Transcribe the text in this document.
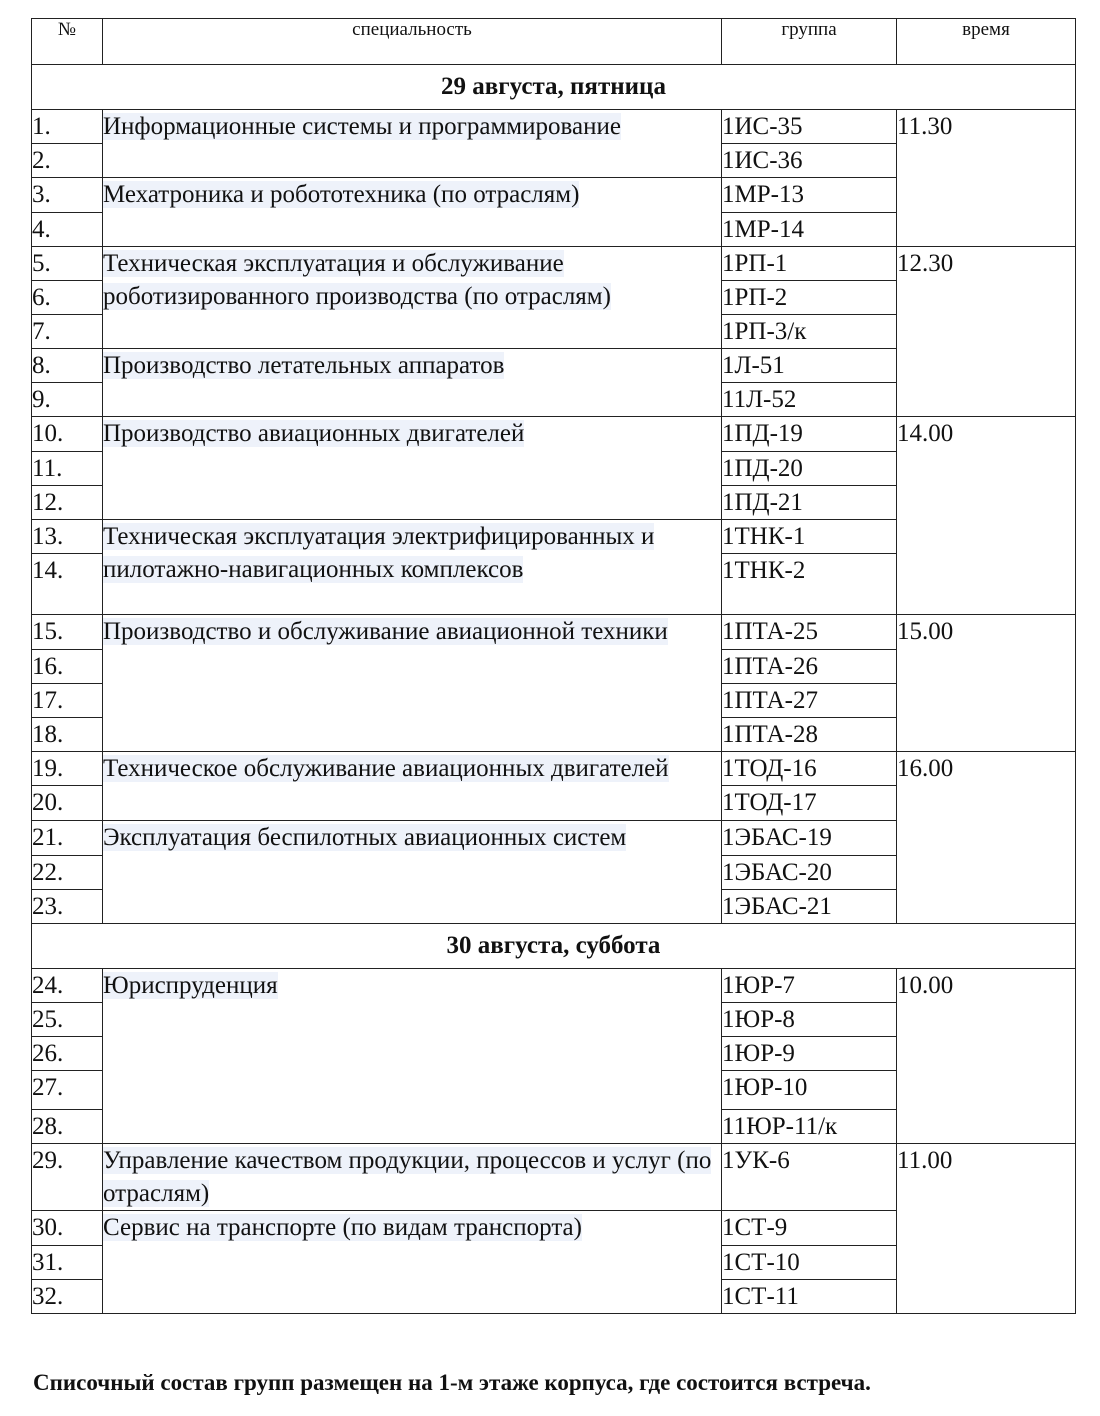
№	специальность	группа	время
29 августа, пятница			
1.	Информационные системы и программирование	1ИС-35	11.30
2.		1ИС-36	
3.	Мехатроника и робототехника (по отраслям)	1МР-13	
4.		1МР-14	
5.	Техническая эксплуатация и обслуживание роботизированного производства (по отраслям)	1РП-1	12.30
6.		1РП-2	
7.		1РП-3/к	
8.	Производство летательных аппаратов	1Л-51	
9.		11Л-52	
10.	Производство авиационных двигателей	1ПД-19	14.00
11.		1ПД-20	
12.		1ПД-21	
13.	Техническая эксплуатация электрифицированных и пилотажно-навигационных комплексов	1ТНК-1	
14.		1ТНК-2	
15.	Производство и обслуживание авиационной техники	1ПТА-25	15.00
16.		1ПТА-26	
17.		1ПТА-27	
18.		1ПТА-28	
19.	Техническое обслуживание авиационных двигателей	1ТОД-16	16.00
20.		1ТОД-17	
21.	Эксплуатация беспилотных авиационных систем	1ЭБАС-19	
22.		1ЭБАС-20	
23.		1ЭБАС-21	
30 августа, суббота			
24.	Юриспруденция	1ЮР-7	10.00
25.		1ЮР-8	
26.		1ЮР-9	
27.		1ЮР-10	
28.		11ЮР-11/к	
29.	Управление качеством продукции, процессов и услуг (по отраслям)	1УК-6	11.00
30.	Сервис на транспорте (по видам транспорта)	1СТ-9	
31.		1СТ-10	
32.		1СТ-11	
Списочный состав групп размещен на 1-м этаже корпуса, где состоится встреча.
